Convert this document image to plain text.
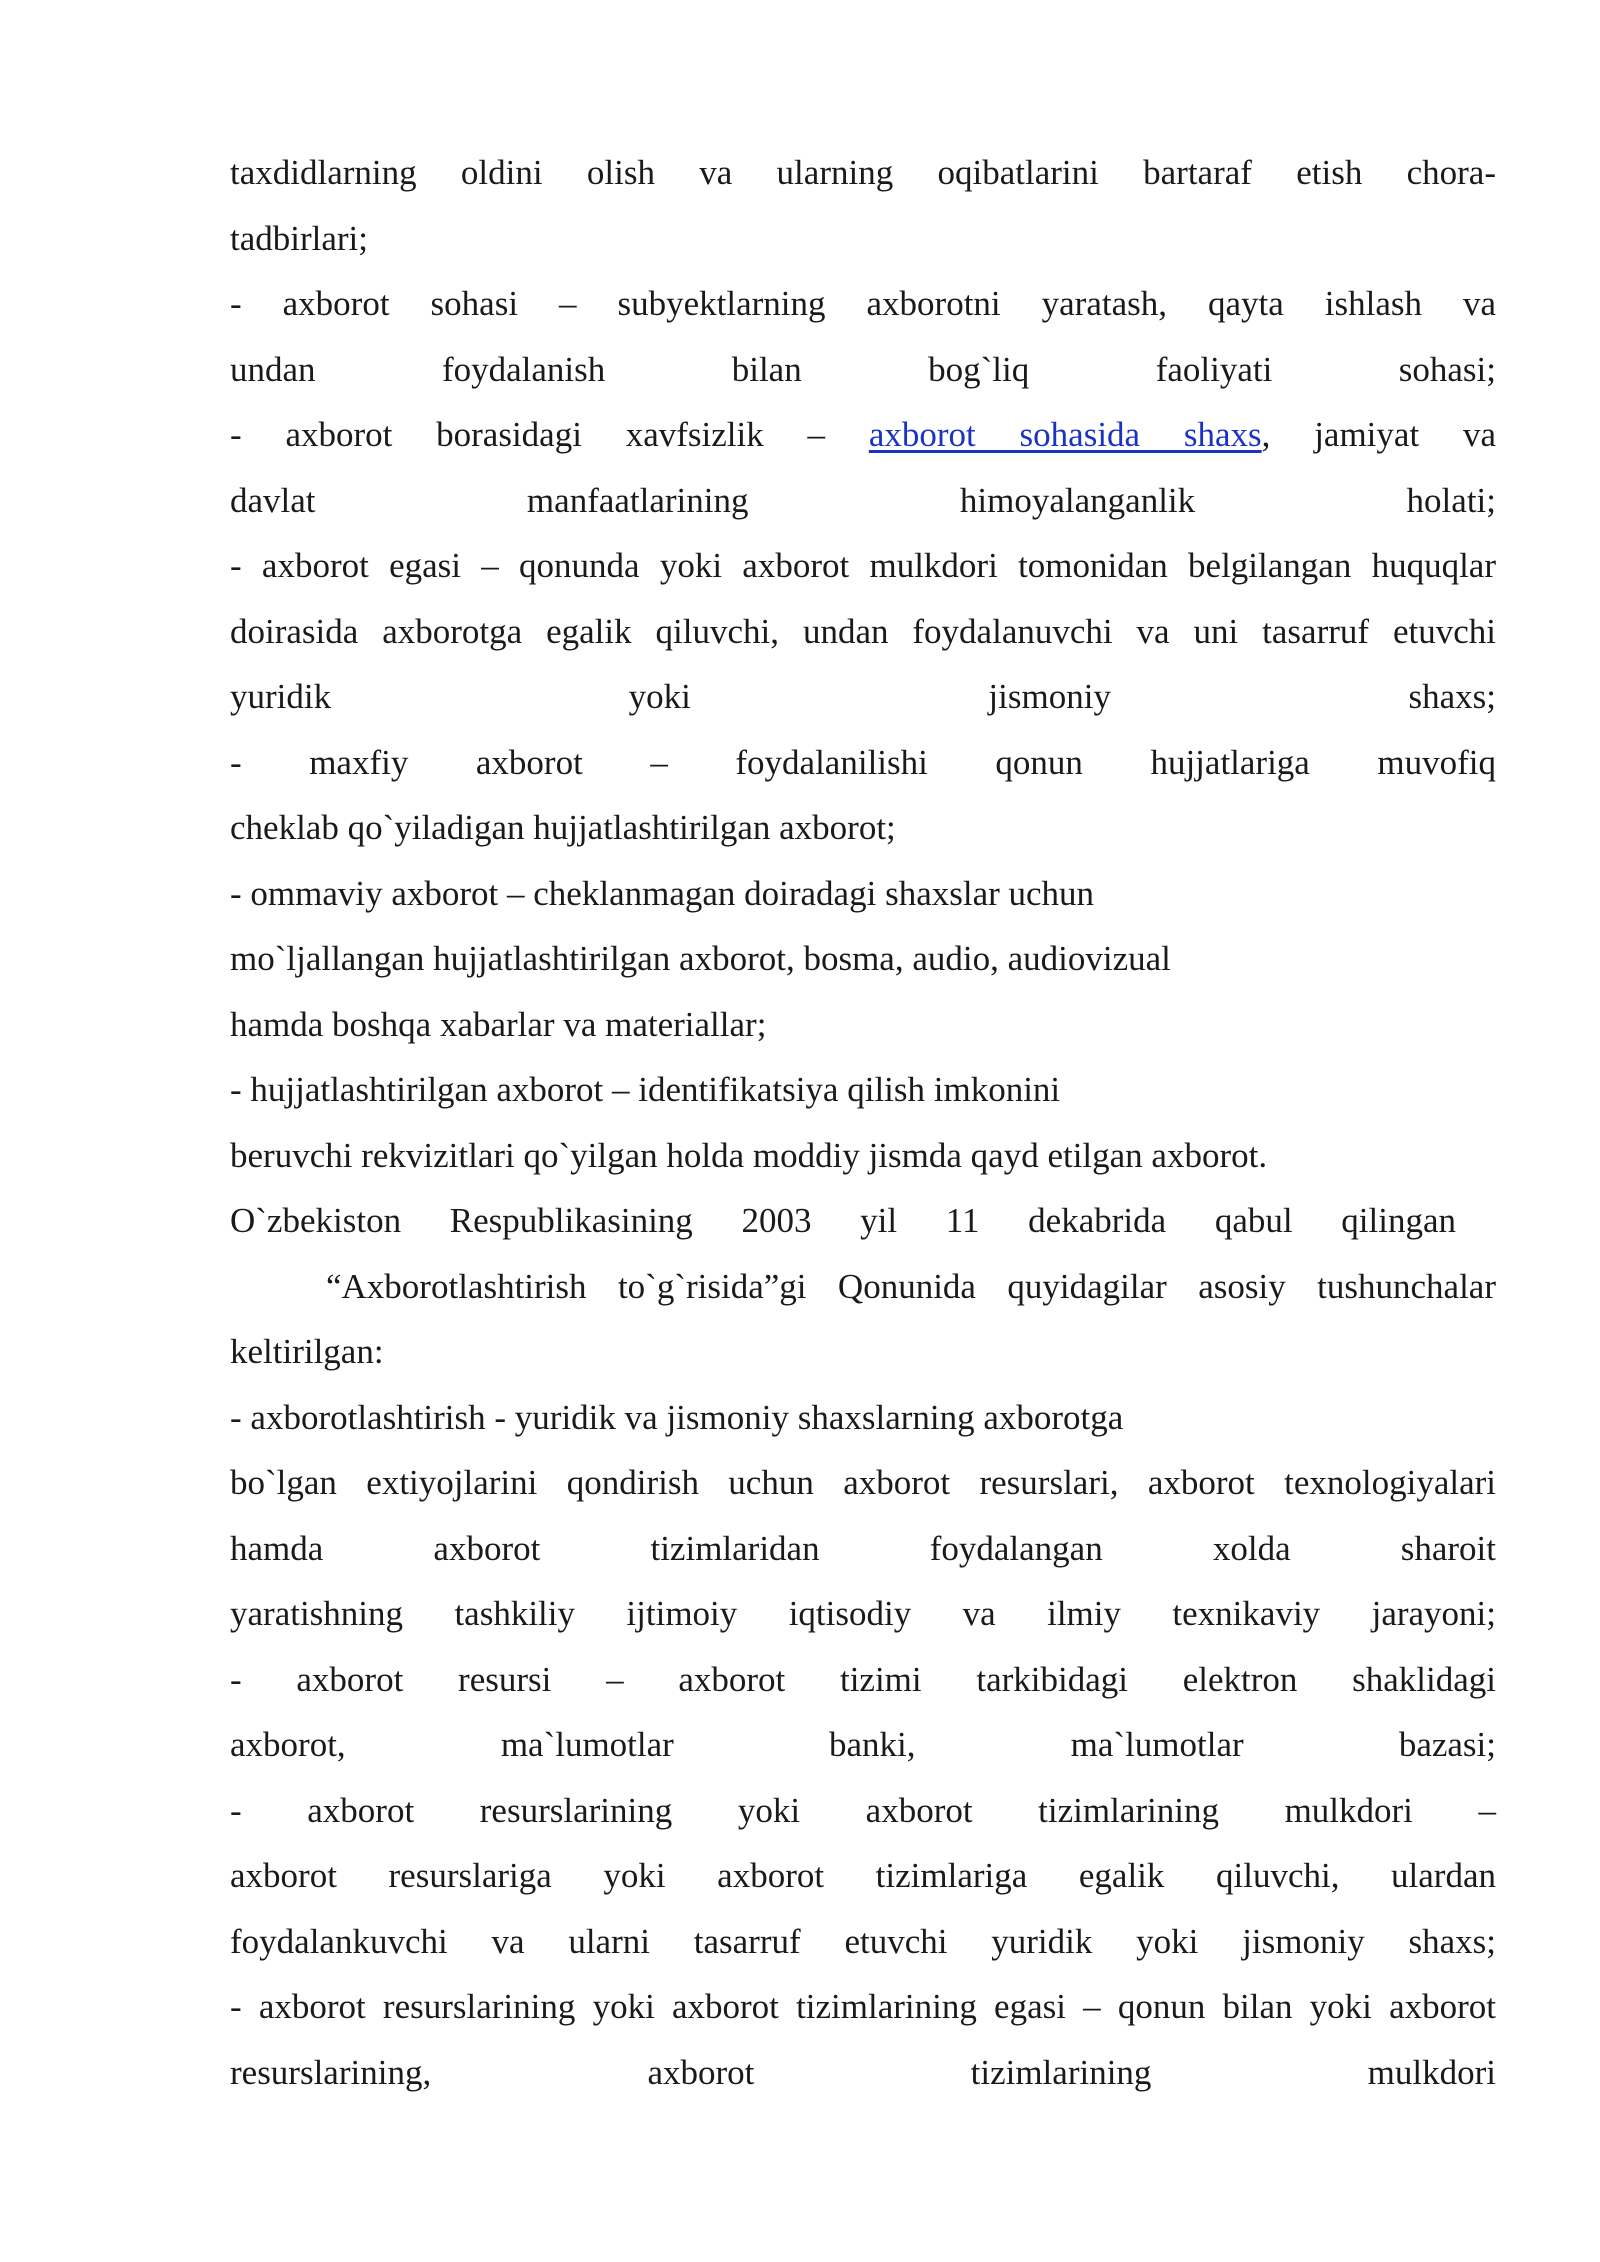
taxdidlarning oldini olish va ularning oqibatlarini bartaraf etish chora-
tadbirlari;
- axborot sohasi – subyektlarning axborotni yaratash, qayta ishlash va
undan foydalanish bilan bog`liq faoliyati sohasi;
- axborot borasidagi xavfsizlik – axborot sohasida shaxs, jamiyat va
davlat manfaatlarining himoyalanganlik holati;
- axborot egasi – qonunda yoki axborot mulkdori tomonidan belgilangan huquqlar
doirasida axborotga egalik qiluvchi, undan foydalanuvchi va uni tasarruf etuvchi
yuridik yoki jismoniy shaxs;
- maxfiy axborot – foydalanilishi qonun hujjatlariga muvofiq
cheklab qo`yiladigan hujjatlashtirilgan axborot;
- ommaviy axborot – cheklanmagan doiradagi shaxslar uchun
mo`ljallangan hujjatlashtirilgan axborot, bosma, audio, audiovizual
hamda boshqa xabarlar va materiallar;
- hujjatlashtirilgan axborot – identifikatsiya qilish imkonini
beruvchi rekvizitlari qo`yilgan holda moddiy jismda qayd etilgan axborot.
O`zbekiston Respublikasining 2003 yil 11 dekabrida qabul qilingan
“Axborotlashtirish to`g`risida”gi Qonunida quyidagilar asosiy tushunchalar
keltirilgan:
- axborotlashtirish - yuridik va jismoniy shaxslarning axborotga
bo`lgan extiyojlarini qondirish uchun axborot resurslari, axborot texnologiyalari
hamda axborot tizimlaridan foydalangan xolda sharoit
yaratishning tashkiliy ijtimoiy iqtisodiy va ilmiy texnikaviy jarayoni;
- axborot resursi – axborot tizimi tarkibidagi elektron shaklidagi
axborot, ma`lumotlar banki, ma`lumotlar bazasi;
- axborot resurslarining yoki axborot tizimlarining mulkdori –
axborot resurslariga yoki axborot tizimlariga egalik qiluvchi, ulardan
foydalankuvchi va ularni tasarruf etuvchi yuridik yoki jismoniy shaxs;
- axborot resurslarining yoki axborot tizimlarining egasi – qonun bilan yoki axborot
resurslarining, axborot tizimlarining mulkdori
